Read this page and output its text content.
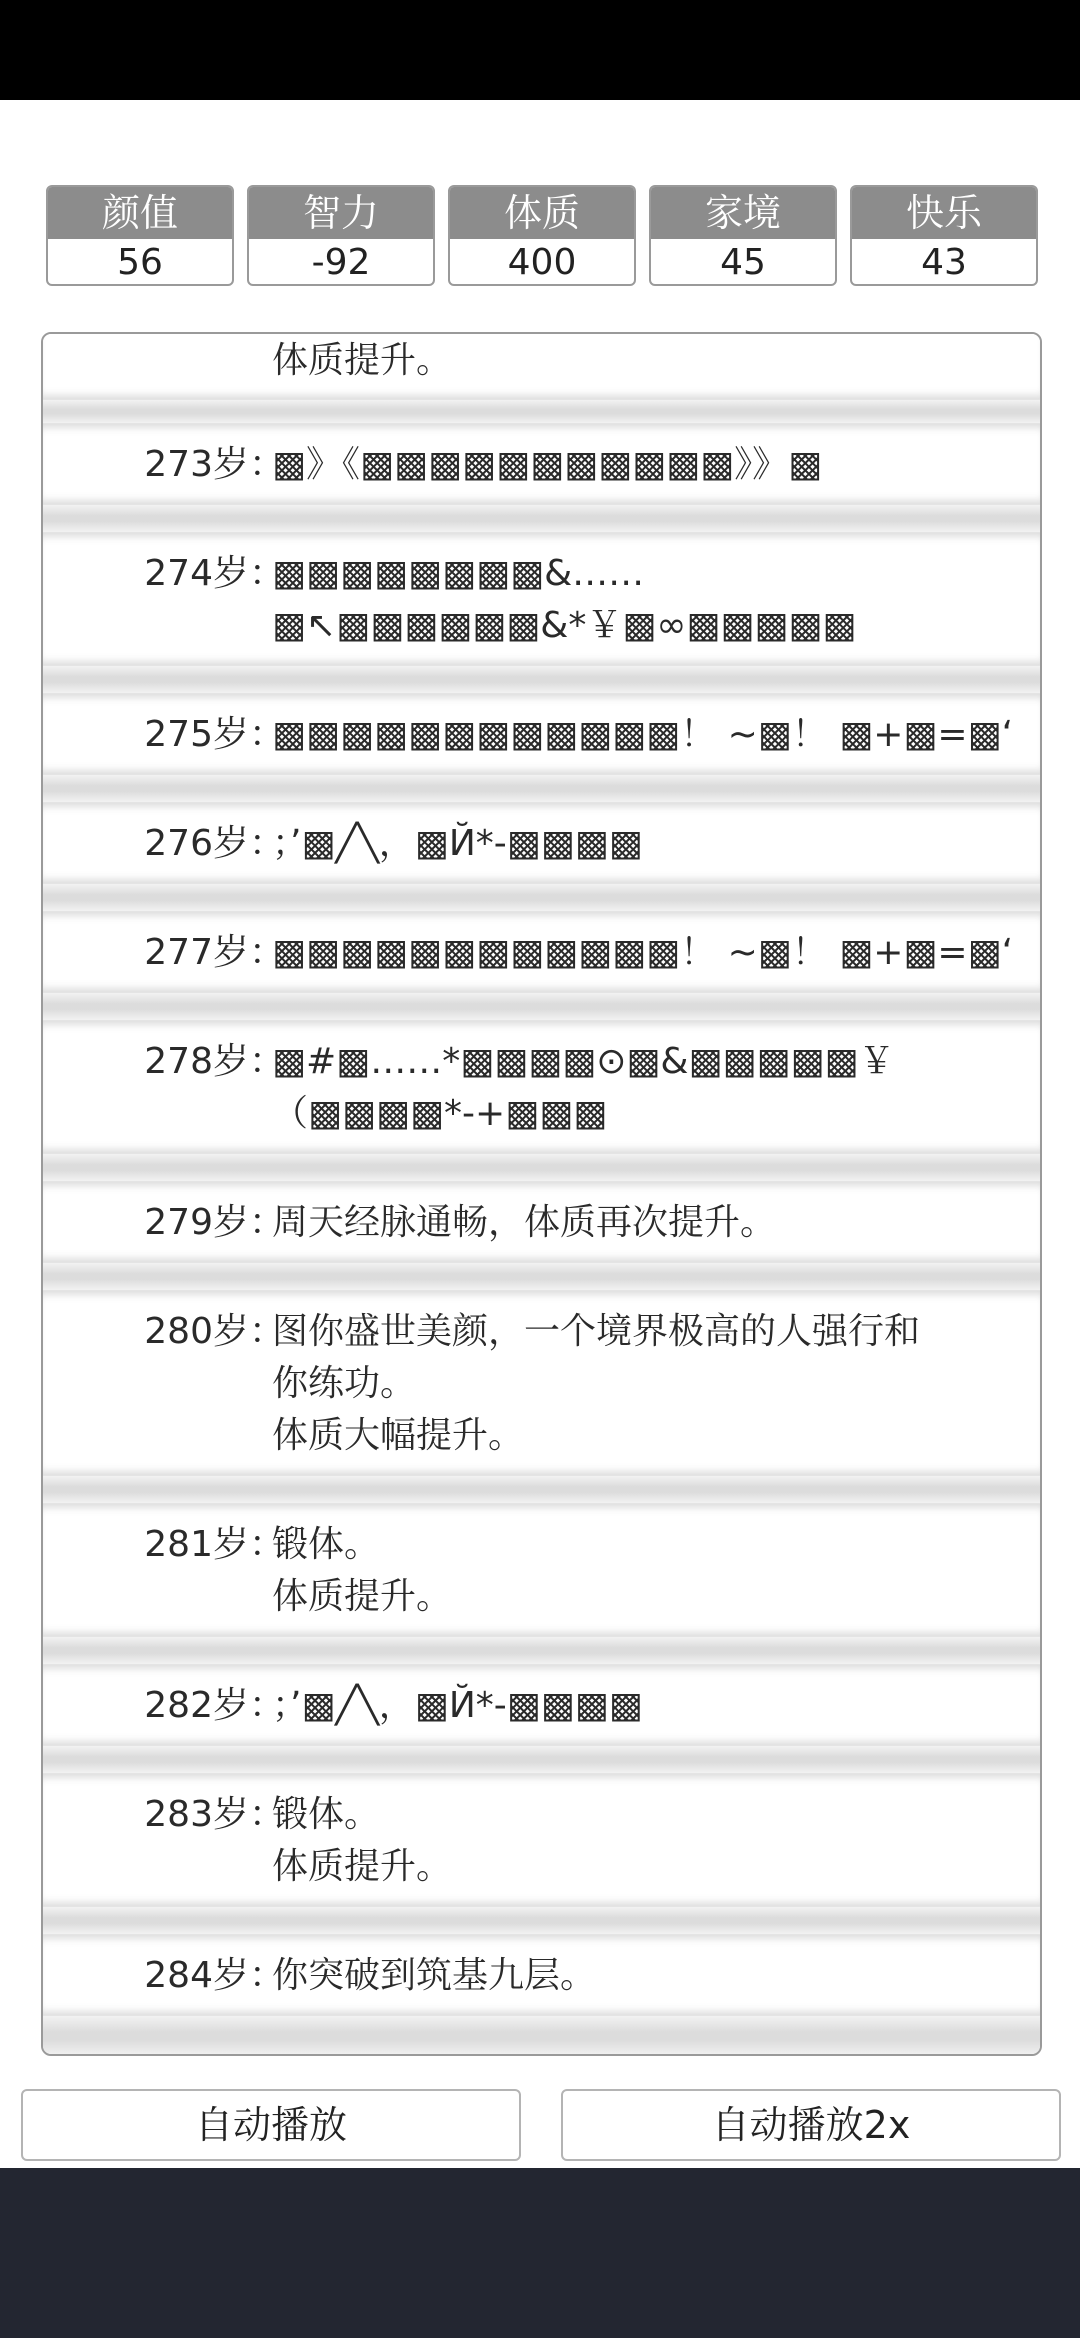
颜值
56
智力
-92
体质
400
家境
45
快乐
43
体质提升。
273岁：
▩》《▩▩▩▩▩▩▩▩▩▩▩》》▩
274岁：
▩▩▩▩▩▩▩▩&……
▩↖▩▩▩▩▩▩&*￥▩∞▩▩▩▩▩
275岁：
▩▩▩▩▩▩▩▩▩▩▩▩！ ~▩！ ▩+▩=▩‘
276岁：
；’▩╱╲，▩Й*-▩▩▩▩
277岁：
▩▩▩▩▩▩▩▩▩▩▩▩！ ~▩！ ▩+▩=▩‘
278岁：
▩#▩……*▩▩▩▩⊙▩&▩▩▩▩▩￥
（▩▩▩▩*-+▩▩▩
279岁：
周天经脉通畅，体质再次提升。
280岁：
图你盛世美颜，一个境界极高的人强行和
你练功。
体质大幅提升。
281岁：
锻体。
体质提升。
282岁：
；’▩╱╲，▩Й*-▩▩▩▩
283岁：
锻体。
体质提升。
284岁：
你突破到筑基九层。
自动播放	自动播放2x
